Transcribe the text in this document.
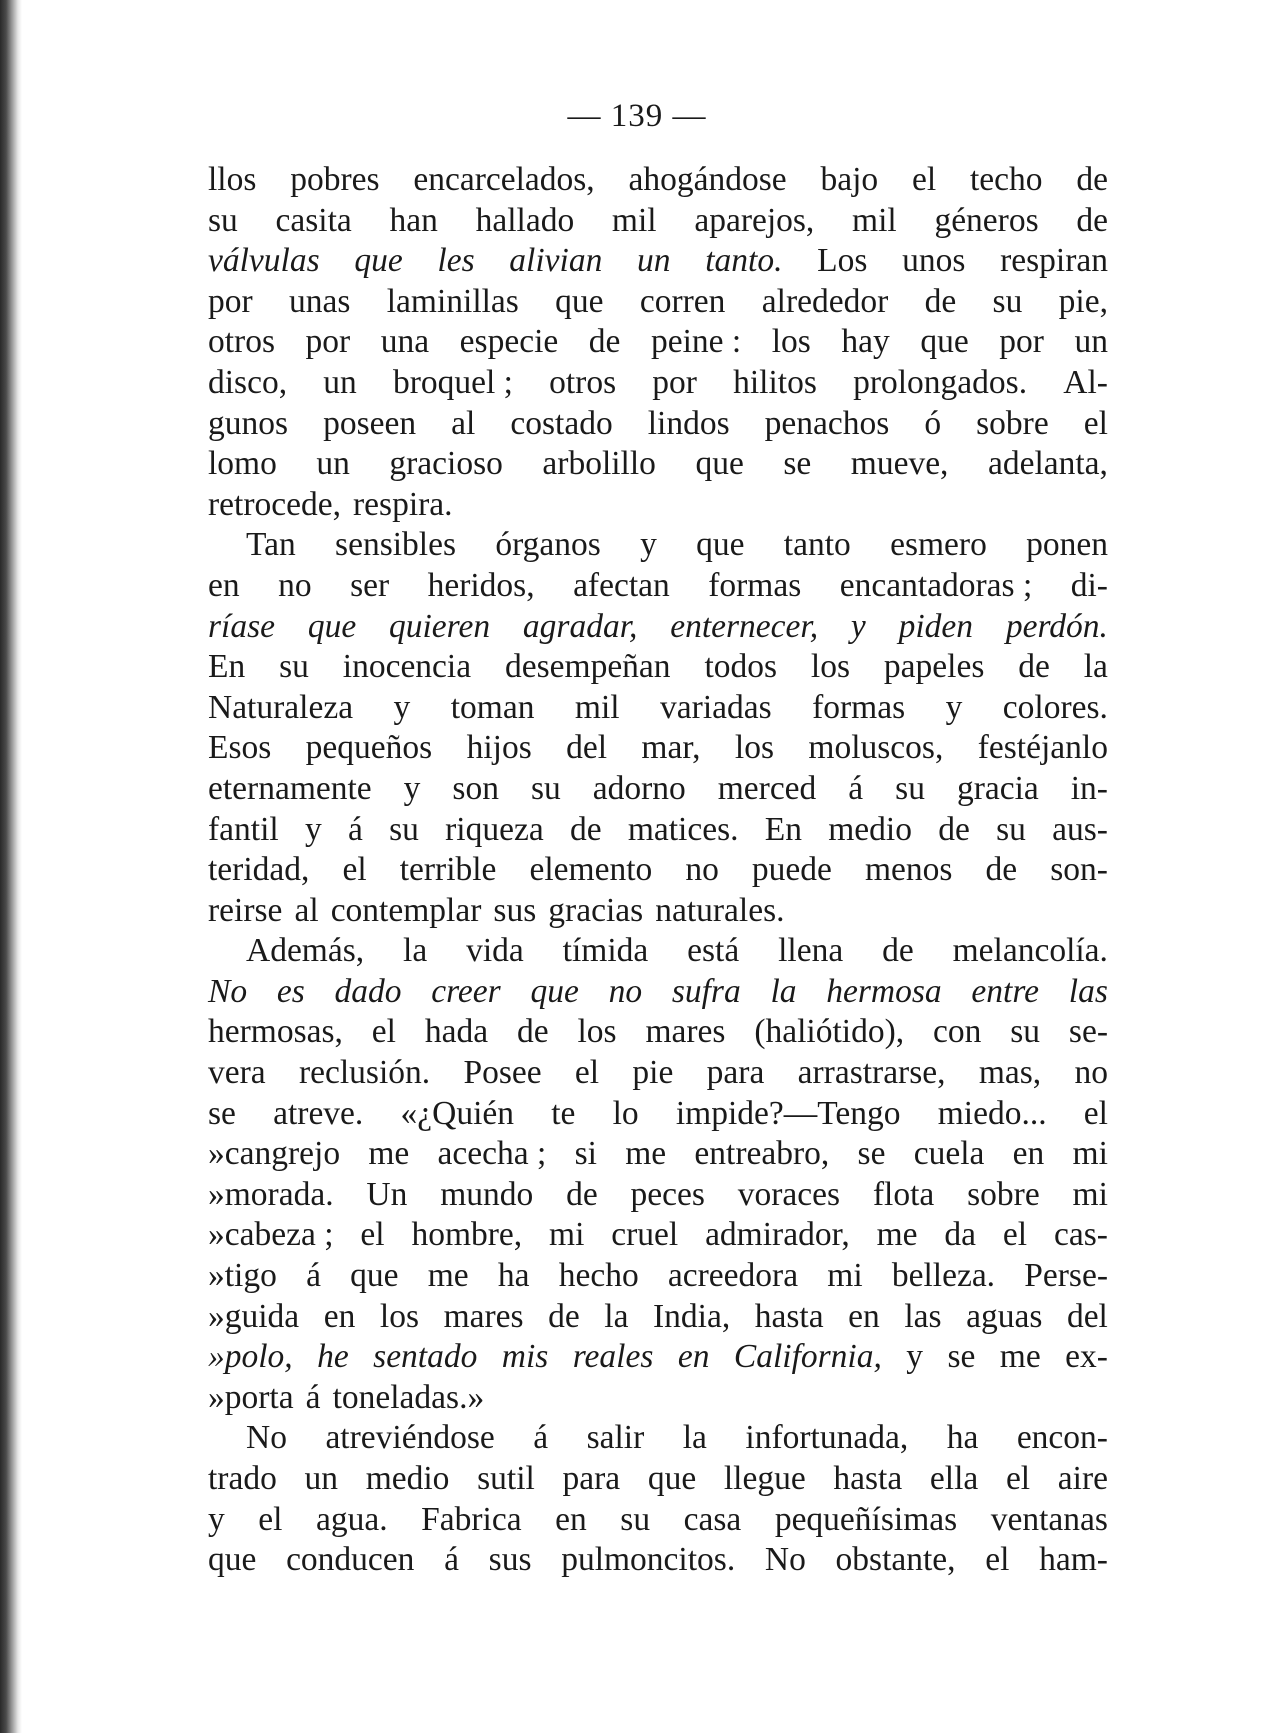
— 139 —
llos pobres encarcelados, ahogándose bajo el techo de
su casita han hallado mil aparejos, mil géneros de
válvulas que les alivian un tanto. Los unos respiran
por unas laminillas que corren alrededor de su pie,
otros por una especie de peine : los hay que por un
disco, un broquel ; otros por hilitos prolongados. Al-
gunos poseen al costado lindos penachos ó sobre el
lomo un gracioso arbolillo que se mueve, adelanta,
retrocede, respira.
Tan sensibles órganos y que tanto esmero ponen
en no ser heridos, afectan formas encantadoras ; di-
ríase que quieren agradar, enternecer, y piden perdón.
En su inocencia desempeñan todos los papeles de la
Naturaleza y toman mil variadas formas y colores.
Esos pequeños hijos del mar, los moluscos, festéjanlo
eternamente y son su adorno merced á su gracia in-
fantil y á su riqueza de matices. En medio de su aus-
teridad, el terrible elemento no puede menos de son-
reirse al contemplar sus gracias naturales.
Además, la vida tímida está llena de melancolía.
No es dado creer que no sufra la hermosa entre las
hermosas, el hada de los mares (haliótido), con su se-
vera reclusión. Posee el pie para arrastrarse, mas, no
se atreve. «¿Quién te lo impide?—Tengo miedo... el
»cangrejo me acecha ; si me entreabro, se cuela en mi
»morada. Un mundo de peces voraces flota sobre mi
»cabeza ; el hombre, mi cruel admirador, me da el cas-
»tigo á que me ha hecho acreedora mi belleza. Perse-
»guida en los mares de la India, hasta en las aguas del
»polo, he sentado mis reales en California, y se me ex-
»porta á toneladas.»
No atreviéndose á salir la infortunada, ha encon-
trado un medio sutil para que llegue hasta ella el aire
y el agua. Fabrica en su casa pequeñísimas ventanas
que conducen á sus pulmoncitos. No obstante, el ham-
